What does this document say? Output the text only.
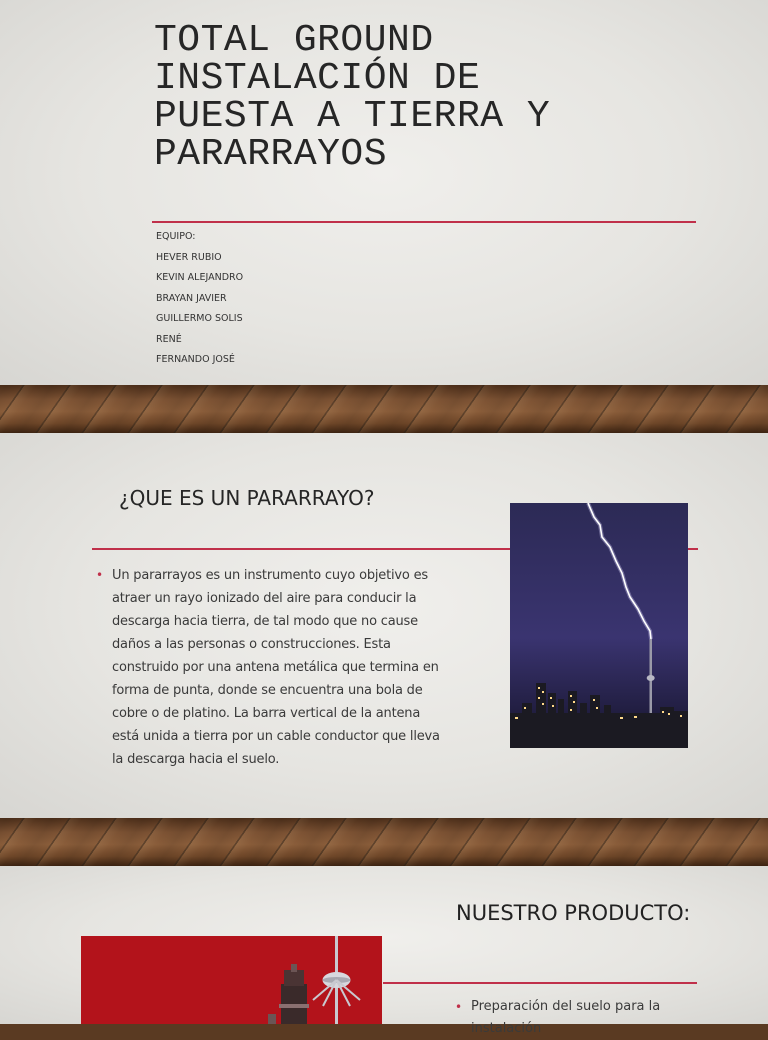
TOTAL GROUND
INSTALACIÓN DE
PUESTA A TIERRA Y
PARARRAYOS
EQUIPO:
HEVER RUBIO
KEVIN ALEJANDRO
BRAYAN JAVIER
GUILLERMO SOLIS
RENÉ
FERNANDO JOSÉ
¿QUE ES UN PARARRAYO?
• Un pararrayos es un instrumento cuyo objetivo es atraer un rayo ionizado del aire para conducir la descarga hacia tierra, de tal modo que no cause daños a las personas o construcciones. Esta construido por una antena metálica que termina en forma de punta, donde se encuentra una bola de cobre o de platino. La barra vertical de la antena está unida a tierra por un cable conductor que lleva la descarga hacia el suelo.
NUESTRO PRODUCTO:
• Preparación del suelo para la instalación
